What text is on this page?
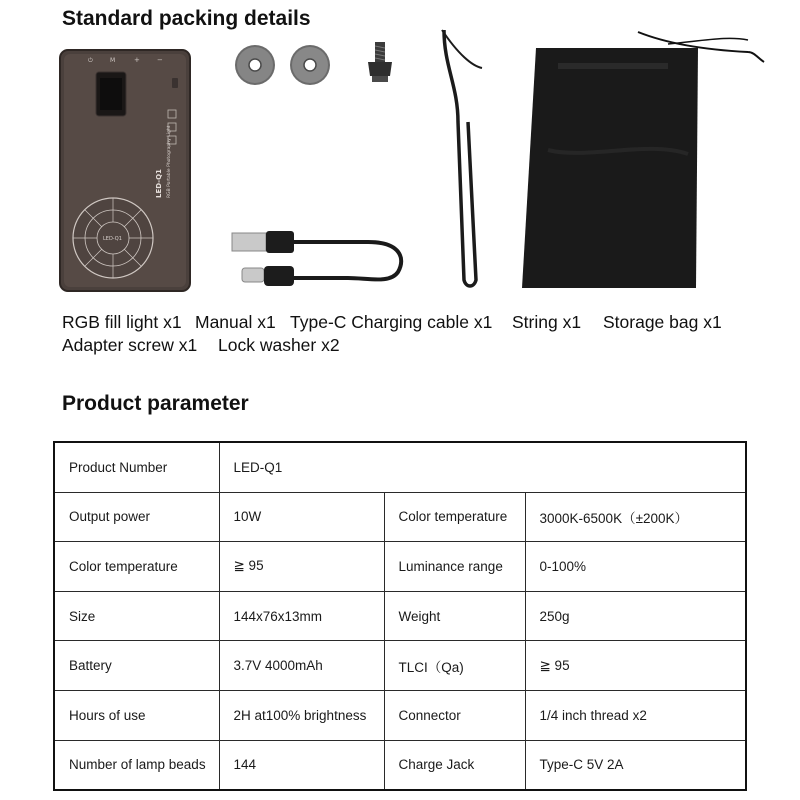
Standard packing details
⏻	M	+ −
RGB Portable Photography Light
LED-Q1
LED-Q1
RGB fill light x1 Manual x1 Type-C Charging cable x1 String x1 Storage bag x1
Adapter screw x1 Lock washer x2
Product parameter
Product Number	LED-Q1		
Output power	10W	Color temperature	3000K-6500K（±200K）
Color temperature	≧ 95	Luminance range	0-100%
Size	144x76x13mm	Weight	250g
Battery	3.7V 4000mAh	TLCI（Qa)	≧ 95
Hours of use	2H at100% brightness	Connector	1/4 inch thread x2
Number of lamp beads	144	Charge Jack	Type-C 5V 2A
